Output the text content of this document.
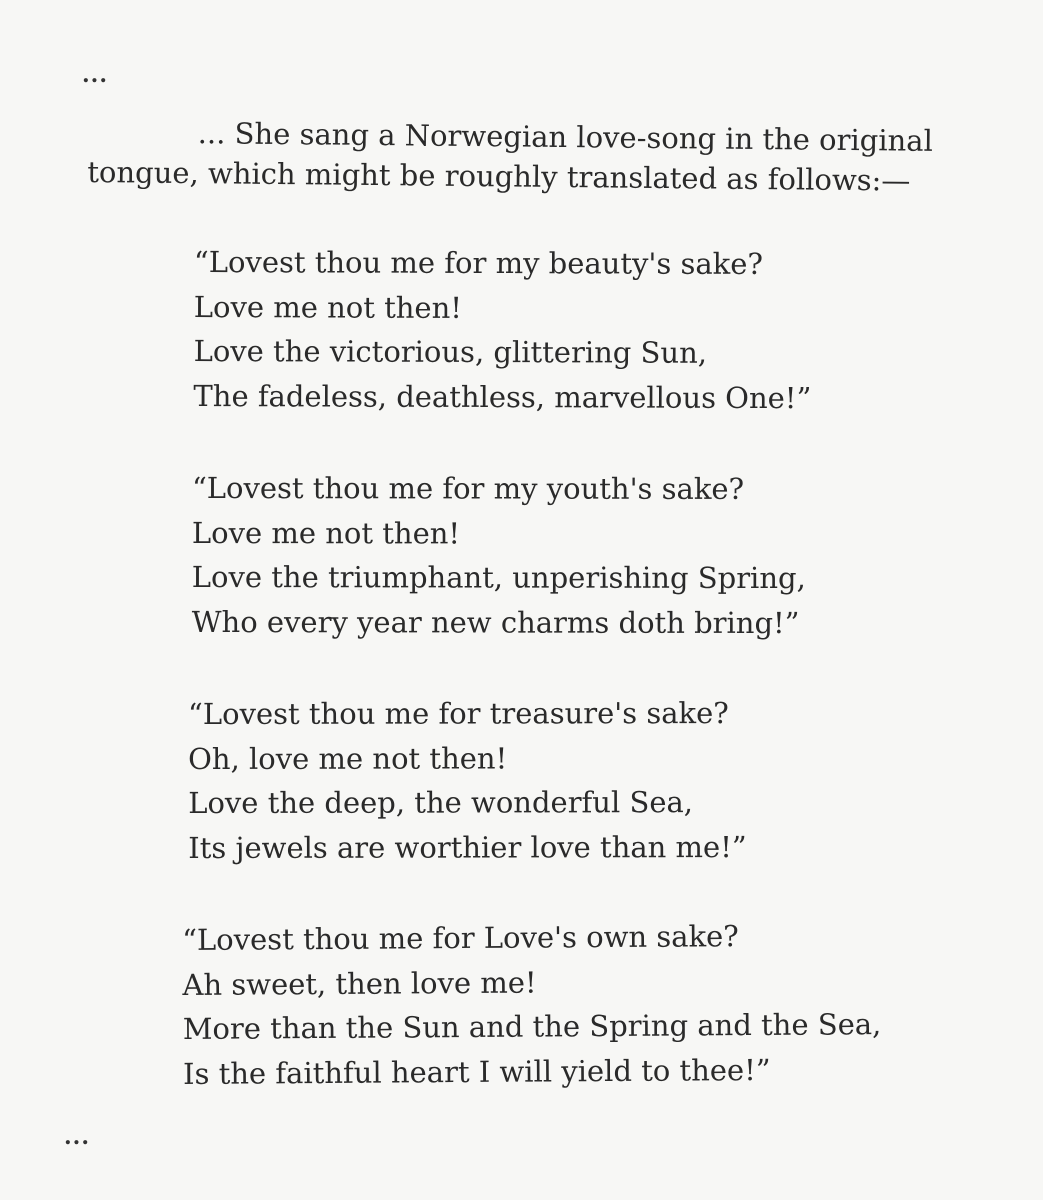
...
... She sang a Norwegian love-song in the original
tongue, which might be roughly translated as follows:—
“Lovest thou me for my beauty's sake?
Love me not then!
Love the victorious, glittering Sun,
The fadeless, deathless, marvellous One!”
“Lovest thou me for my youth's sake?
Love me not then!
Love the triumphant, unperishing Spring,
Who every year new charms doth bring!”
“Lovest thou me for treasure's sake?
Oh, love me not then!
Love the deep, the wonderful Sea,
Its jewels are worthier love than me!”
“Lovest thou me for Love's own sake?
Ah sweet, then love me!
More than the Sun and the Spring and the Sea,
Is the faithful heart I will yield to thee!”
...
